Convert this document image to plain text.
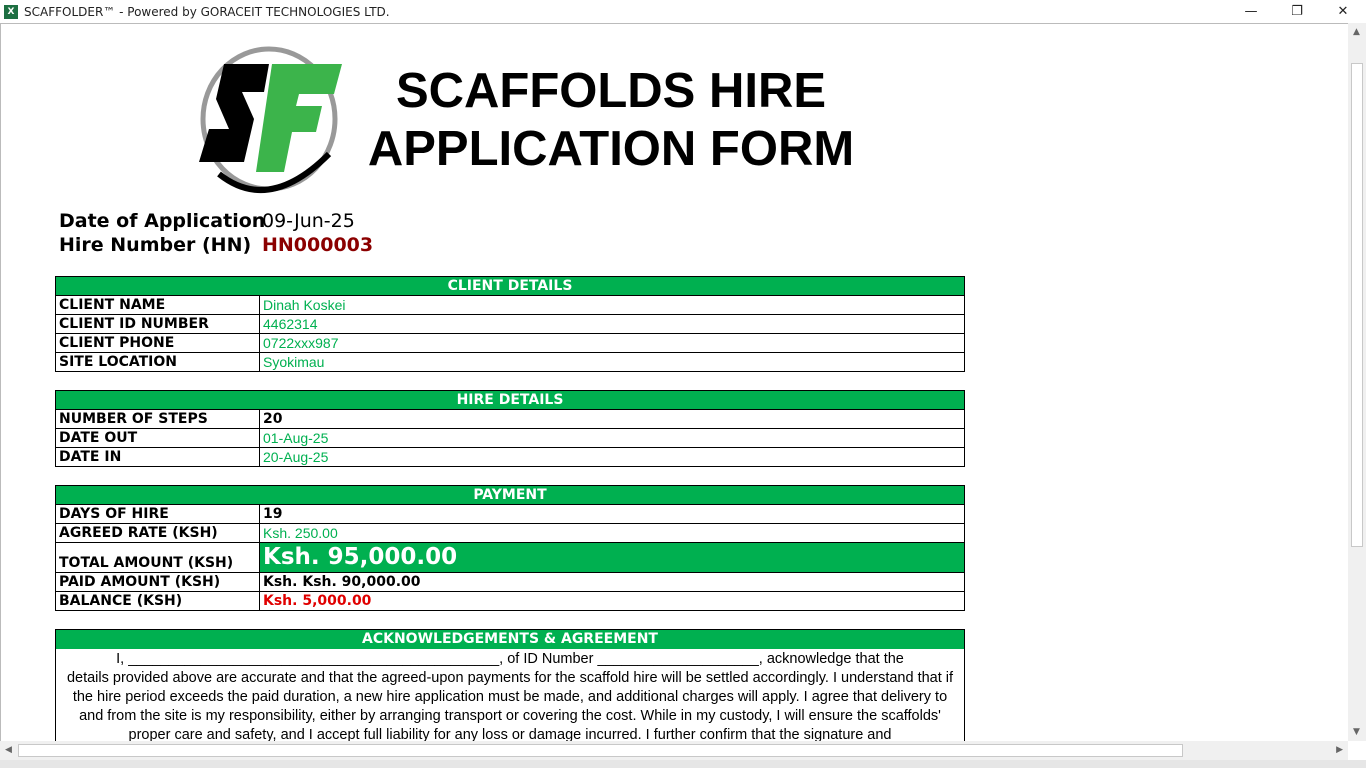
X SCAFFOLDER™ - Powered by GORACEIT TECHNOLOGIES LTD.	—	❐	✕
SCAFFOLDS HIRE
APPLICATION FORM
Date of Application
09-Jun-25
Hire Number (HN) HN000003
CLIENT DETAILS	
CLIENT NAME	Dinah Koskei
CLIENT ID NUMBER	4462314
CLIENT PHONE	0722xxx987
SITE LOCATION	Syokimau
HIRE DETAILS	
NUMBER OF STEPS	20
DATE OUT	01-Aug-25
DATE IN	20-Aug-25
PAYMENT	
DAYS OF HIRE	19
AGREED RATE (KSH)	Ksh. 250.00
TOTAL AMOUNT (KSH)	Ksh. 95,000.00
PAID AMOUNT (KSH)	Ksh. Ksh. 90,000.00
BALANCE (KSH)	Ksh. 5,000.00
ACKNOWLEDGEMENTS & AGREEMENT
I, ______________________________________________, of ID Number ____________________, acknowledge that the
details provided above are accurate and that the agreed-upon payments for the scaffold hire will be settled accordingly. I understand that if the hire period exceeds the paid duration, a new hire application must be made, and additional charges will apply. I agree that delivery to and from the site is my responsibility, either by arranging transport or covering the cost. While in my custody, I will ensure the scaffolds' proper care and safety, and I accept full liability for any loss or damage incurred. I further confirm that the signature and
▲
▼
◀	▶
